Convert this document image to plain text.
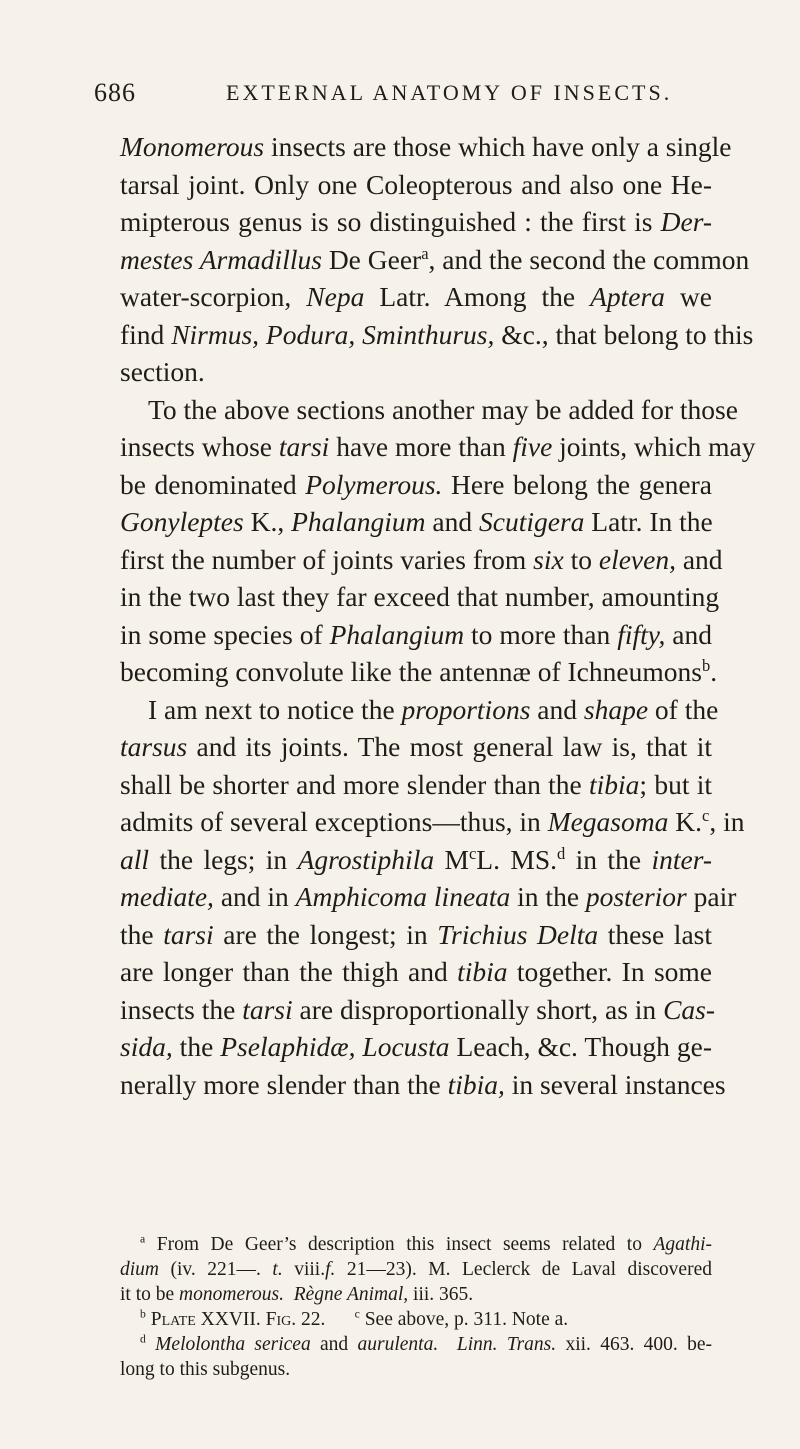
686	EXTERNAL ANATOMY OF INSECTS.
Monomerous insects are those which have only a single
tarsal joint. Only one Coleopterous and also one He-
mipterous genus is so distinguished : the first is Der-
mestes Armadillus De Geer$^a$, and the second the common
water-scorpion, Nepa Latr. Among the Aptera we
find Nirmus, Podura, Sminthurus, &c., that belong to this
section.
To the above sections another may be added for those
insects whose tarsi have more than five joints, which may
be denominated Polymerous. Here belong the genera
Gonyleptes K., Phalangium and Scutigera Latr. In the
first the number of joints varies from six to eleven, and
in the two last they far exceed that number, amounting
in some species of Phalangium to more than fifty, and
becoming convolute like the antennæ of Ichneumons$^b$.
I am next to notice the proportions and shape of the
tarsus and its joints. The most general law is, that it
shall be shorter and more slender than the tibia; but it
admits of several exceptions—thus, in Megasoma K.$^c$, in
all the legs; in Agrostiphila $M^cL$. MS.$^d$ in the inter-
mediate, and in Amphicoma lineata in the posterior pair
the tarsi are the longest; in Trichius Delta these last
are longer than the thigh and tibia together. In some
insects the tarsi are disproportionally short, as in Cas-
sida, the Pselaphidæ, Locusta Leach, &c. Though ge-
nerally more slender than the tibia, in several instances
$^a$ From De Geer’s description this insect seems related to Agathi-
dium (iv. 221—. t. viii.f. 21—23). M. Leclerck de Laval discovered
it to be monomerous. Règne Animal, iii. 365.
$^b$ Plate XXVII. Fig. 22.	$^c$ See above, p. 311. Note a.
$^d$ Melolontha sericea and aurulenta. Linn. Trans. xii. 463. 400. be-
long to this subgenus.
